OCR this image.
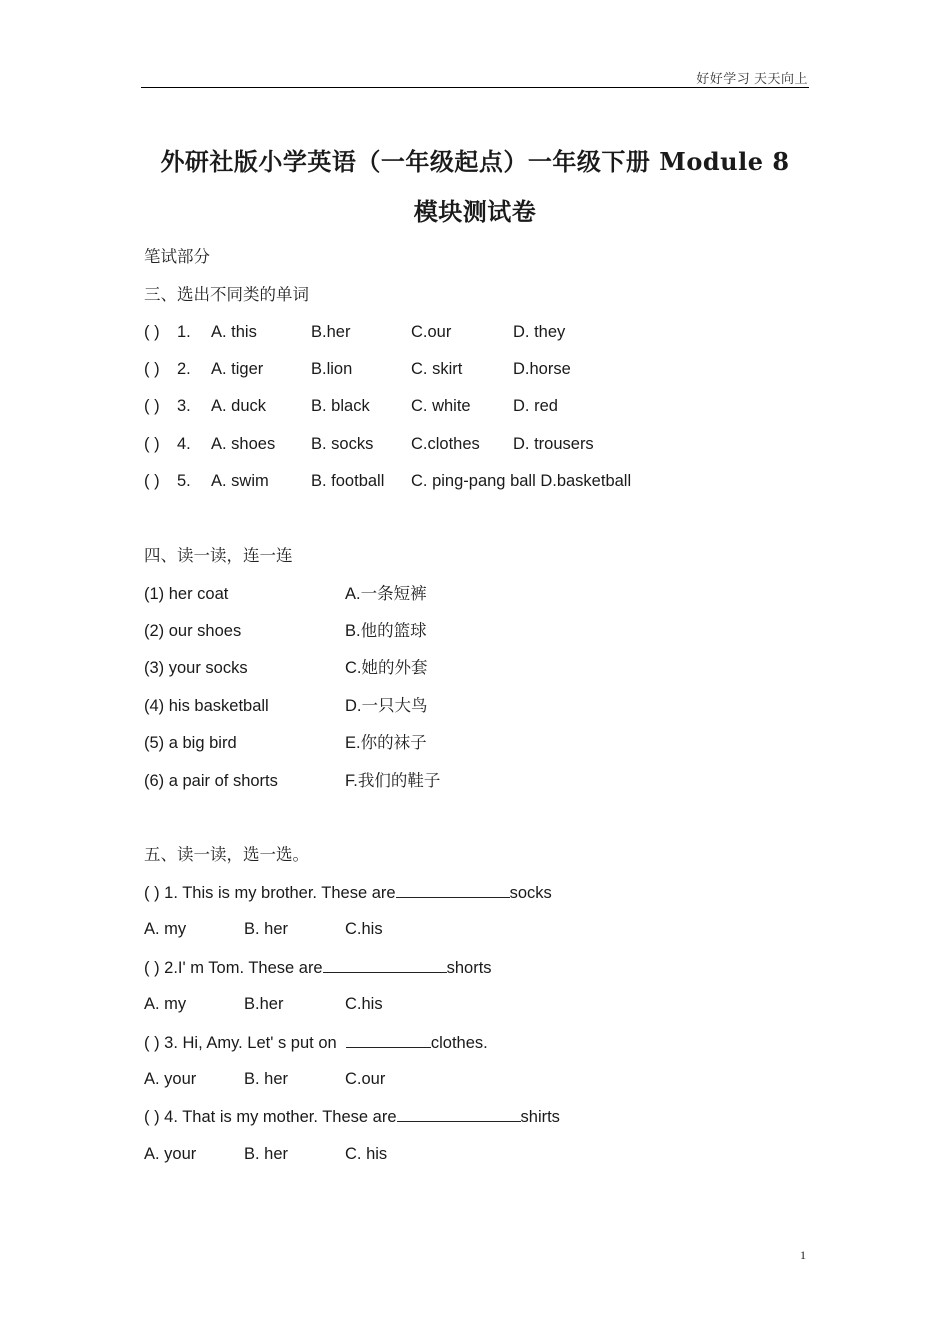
好好学习 天天向上
外研社版小学英语（一年级起点）一年级下册 Module 8
模块测试卷
笔试部分
三、选出不同类的单词
( ) 1. A. this	B.her	C.our	D. they
( ) 2. A. tiger	B.lion	C. skirt	D.horse
( ) 3. A. duck	B. black	C. white	D. red
( ) 4. A. shoes B. socks C.clothes D. trousers
( ) 5. A. swim	B. football C. ping-pang ball D.basketball
四、读一读，连一连
(1) her coat	A.一条短裤
(2) our shoes	B.他的篮球
(3) your socks	C.她的外套
(4) his basketball	D.一只大鸟
(5) a big bird	E.你的袜子
(6) a pair of shorts	F.我们的鞋子
五、读一读，选一选。
( ) 1. This is my brother. These are	socks
A. my	B. her	C.his
( ) 2.I' m Tom. These are	shorts
A. my	B.her	C.his
( ) 3. Hi, Amy. Let' s put on	clothes.
A. your	B. her	C.our
( ) 4. That is my mother. These are	shirts
A. your	B. her	C. his
1
